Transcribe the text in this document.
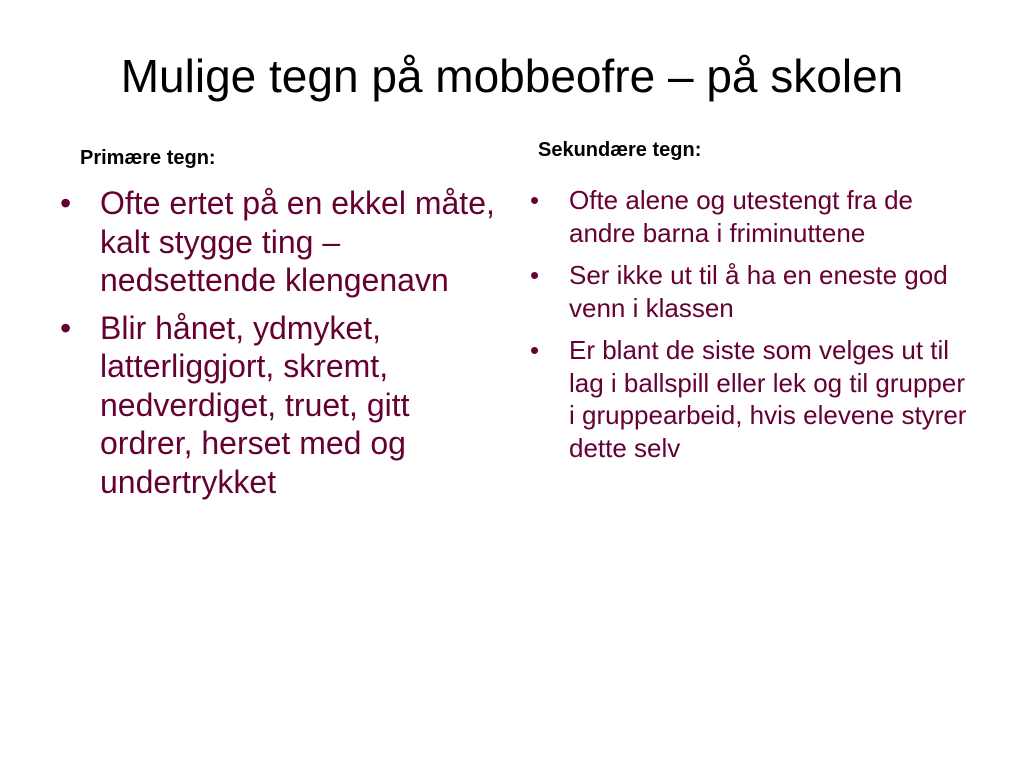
Mulige tegn på mobbeofre – på skolen
Primære tegn:	Sekundære tegn:
• Ofte ertet på en ekkel måte, kalt stygge ting – nedsettende klengenavn
• Blir hånet, ydmyket, latterliggjort, skremt, nedverdiget, truet, gitt ordrer, herset med og undertrykket
• Ofte alene og utestengt fra de andre barna i friminuttene
• Ser ikke ut til å ha en eneste god venn i klassen
• Er blant de siste som velges ut til lag i ballspill eller lek og til grupper i gruppearbeid, hvis elevene styrer dette selv
